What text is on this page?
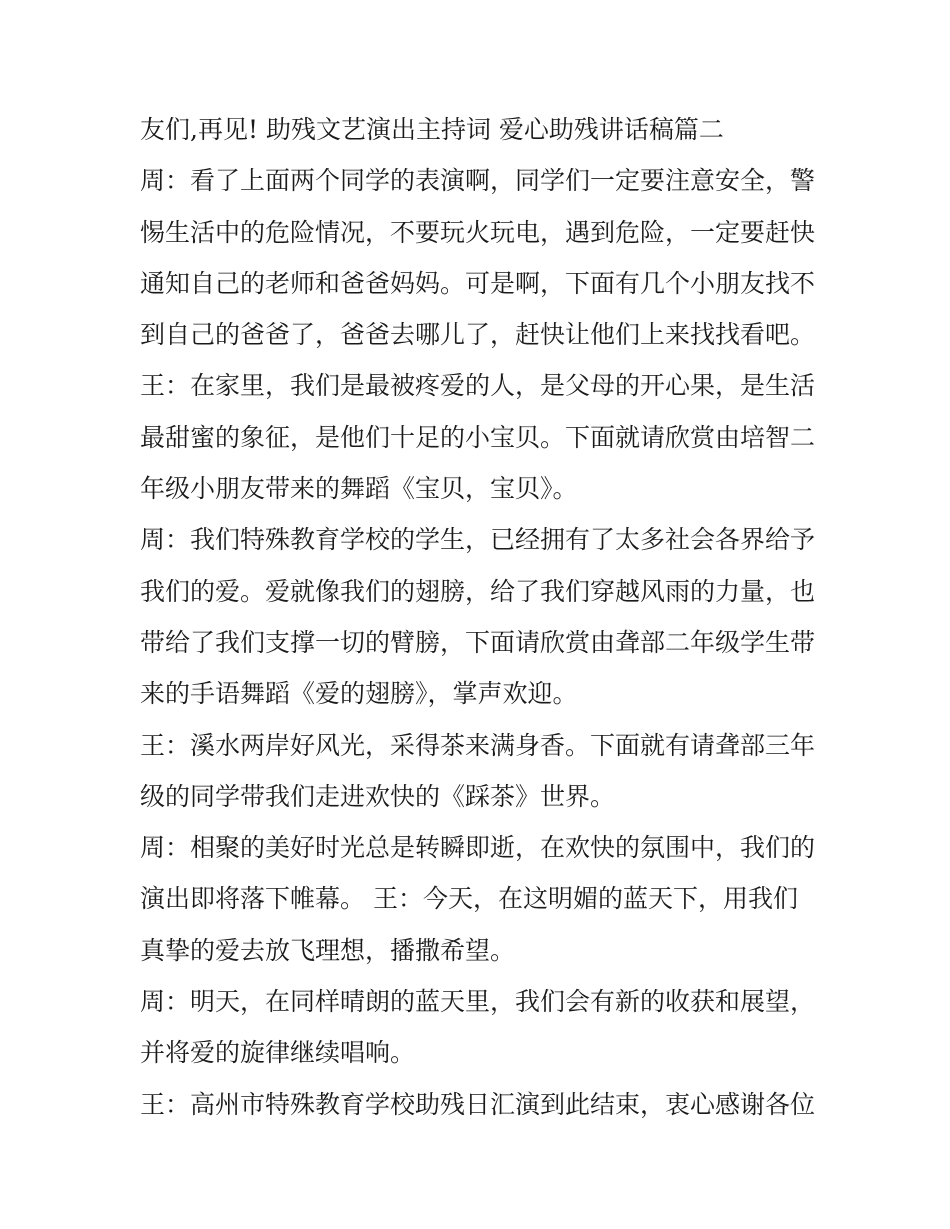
友们,再见! 助残文艺演出主持词 爱心助残讲话稿篇二
周：看了上面两个同学的表演啊，同学们一定要注意安全，警
惕生活中的危险情况，不要玩火玩电，遇到危险，一定要赶快
通知自己的老师和爸爸妈妈。可是啊，下面有几个小朋友找不
到自己的爸爸了，爸爸去哪儿了，赶快让他们上来找找看吧。
王：在家里，我们是最被疼爱的人，是父母的开心果，是生活
最甜蜜的象征，是他们十足的小宝贝。下面就请欣赏由培智二
年级小朋友带来的舞蹈《宝贝，宝贝》。
周：我们特殊教育学校的学生，已经拥有了太多社会各界给予
我们的爱。爱就像我们的翅膀，给了我们穿越风雨的力量，也
带给了我们支撑一切的臂膀，下面请欣赏由聋部二年级学生带
来的手语舞蹈《爱的翅膀》，掌声欢迎。
王：溪水两岸好风光，采得茶来满身香。下面就有请聋部三年
级的同学带我们走进欢快的《踩茶》世界。
周：相聚的美好时光总是转瞬即逝，在欢快的氛围中，我们的
演出即将落下帷幕。 王：今天，在这明媚的蓝天下，用我们
真挚的爱去放飞理想，播撒希望。
周：明天，在同样晴朗的蓝天里，我们会有新的收获和展望，
并将爱的旋律继续唱响。
王：高州市特殊教育学校助残日汇演到此结束，衷心感谢各位
